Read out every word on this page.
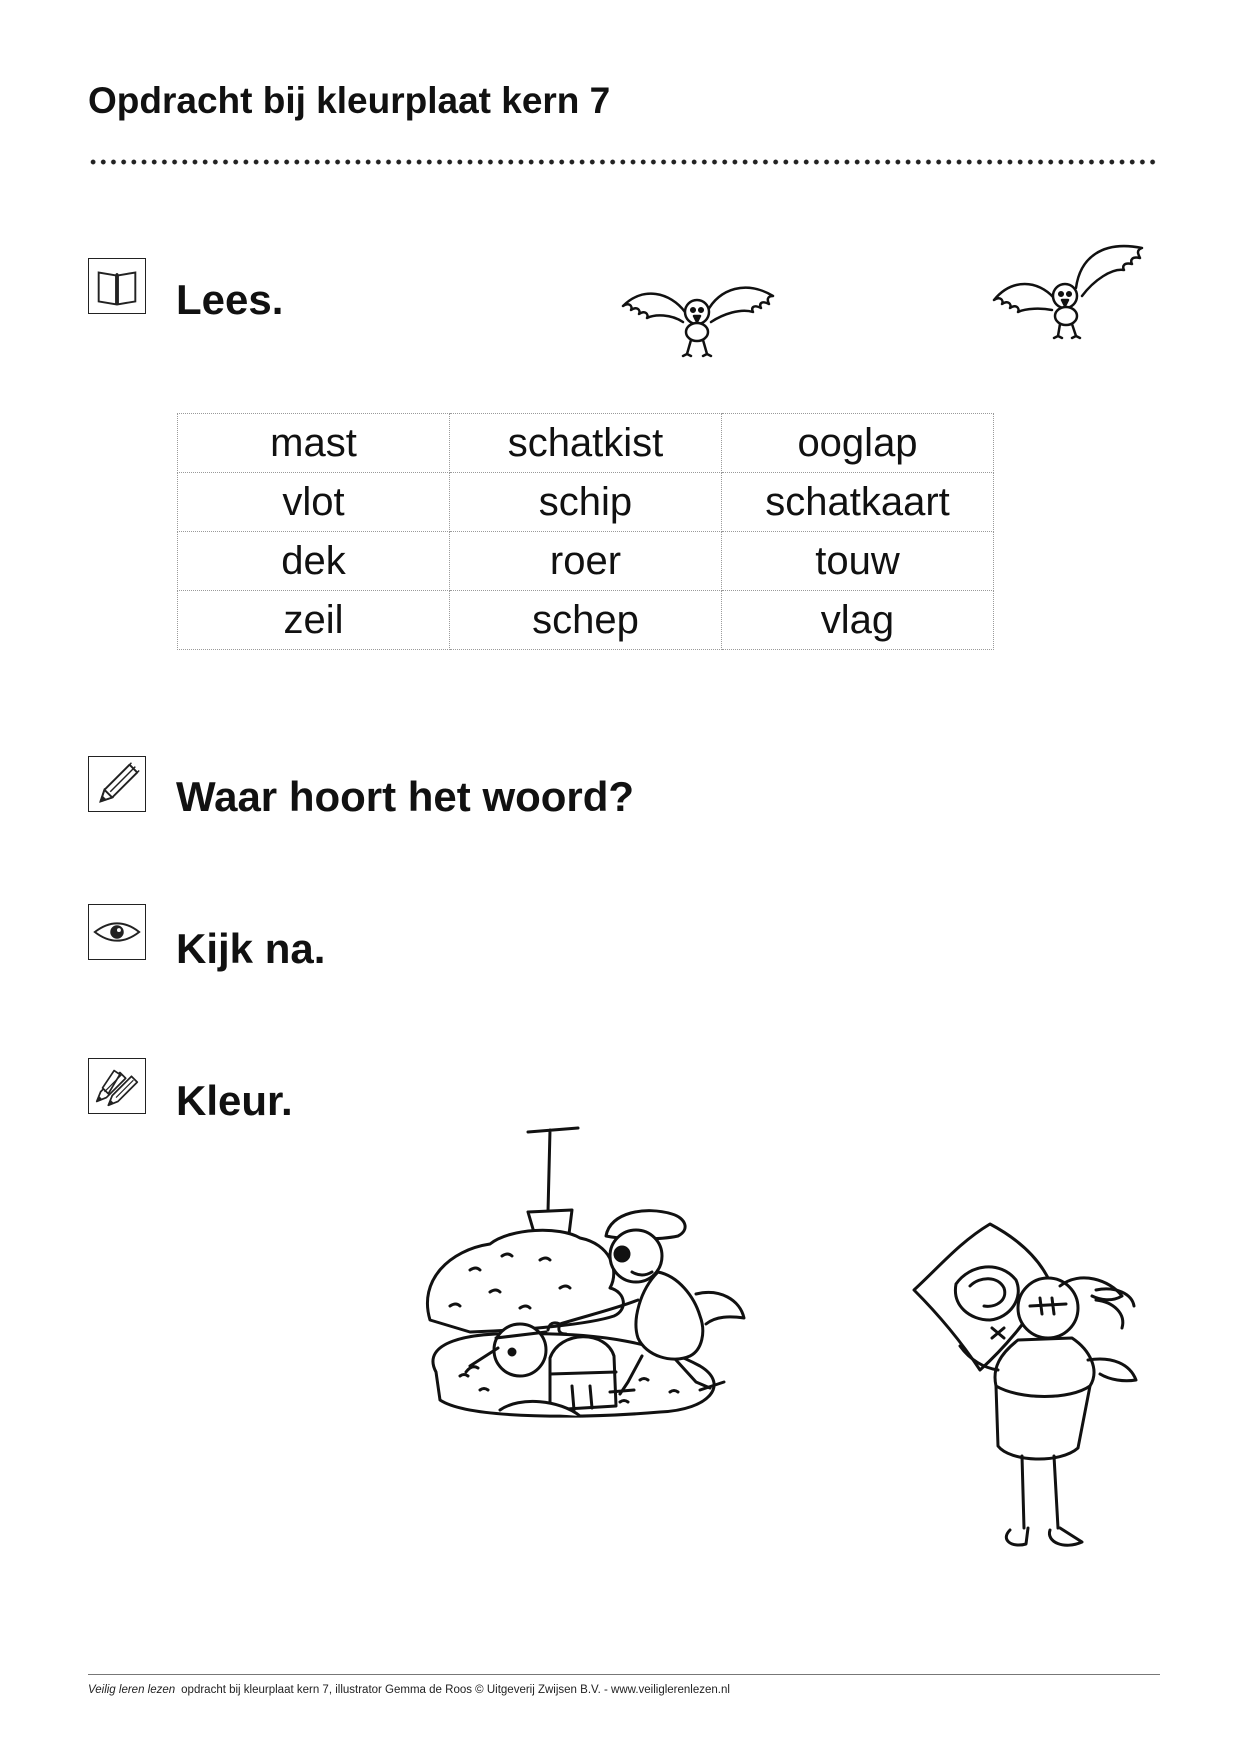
Opdracht bij kleurplaat kern 7
Lees.
mast	schatkist	ooglap
vlot	schip	schatkaart
dek	roer	touw
zeil	schep	vlag
Waar hoort het woord?
Kijk na.
Kleur.
Veilig leren lezen opdracht bij kleurplaat kern 7, illustrator Gemma de Roos © Uitgeverij Zwijsen B.V. - www.veiliglerenlezen.nl
